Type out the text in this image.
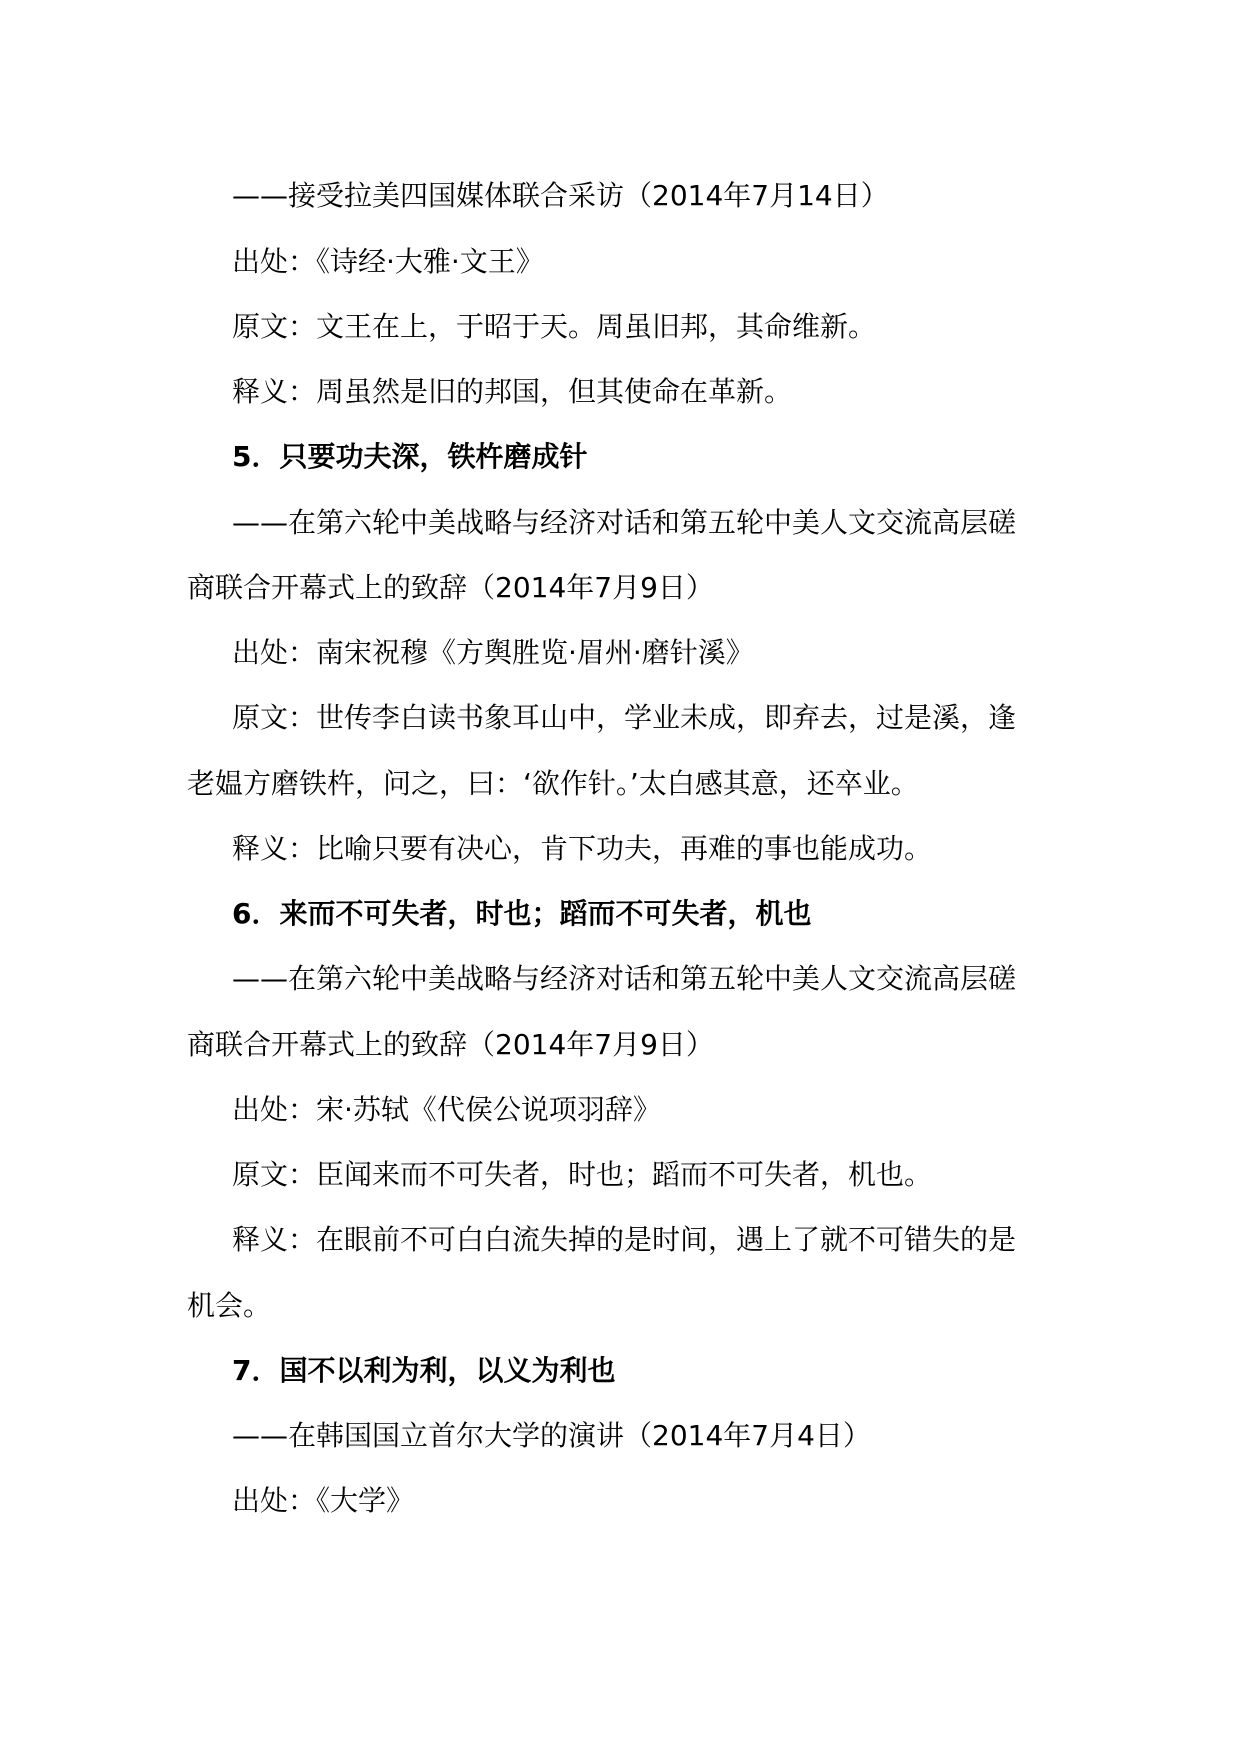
——接受拉美四国媒体联合采访（2014年7月14日）
出处：《诗经·大雅·文王》
原文：文王在上，于昭于天。周虽旧邦，其命维新。
释义：周虽然是旧的邦国，但其使命在革新。
5．只要功夫深，铁杵磨成针
——在第六轮中美战略与经济对话和第五轮中美人文交流高层磋
商联合开幕式上的致辞（2014年7月9日）
出处：南宋祝穆《方舆胜览·眉州·磨针溪》
原文：世传李白读书象耳山中，学业未成，即弃去，过是溪，逢
老媪方磨铁杵，问之，曰：‘欲作针。’太白感其意，还卒业。
释义：比喻只要有决心，肯下功夫，再难的事也能成功。
6．来而不可失者，时也；蹈而不可失者，机也
——在第六轮中美战略与经济对话和第五轮中美人文交流高层磋
商联合开幕式上的致辞（2014年7月9日）
出处：宋·苏轼《代侯公说项羽辞》
原文：臣闻来而不可失者，时也；蹈而不可失者，机也。
释义：在眼前不可白白流失掉的是时间，遇上了就不可错失的是
机会。
7．国不以利为利，以义为利也
——在韩国国立首尔大学的演讲（2014年7月4日）
出处：《大学》
